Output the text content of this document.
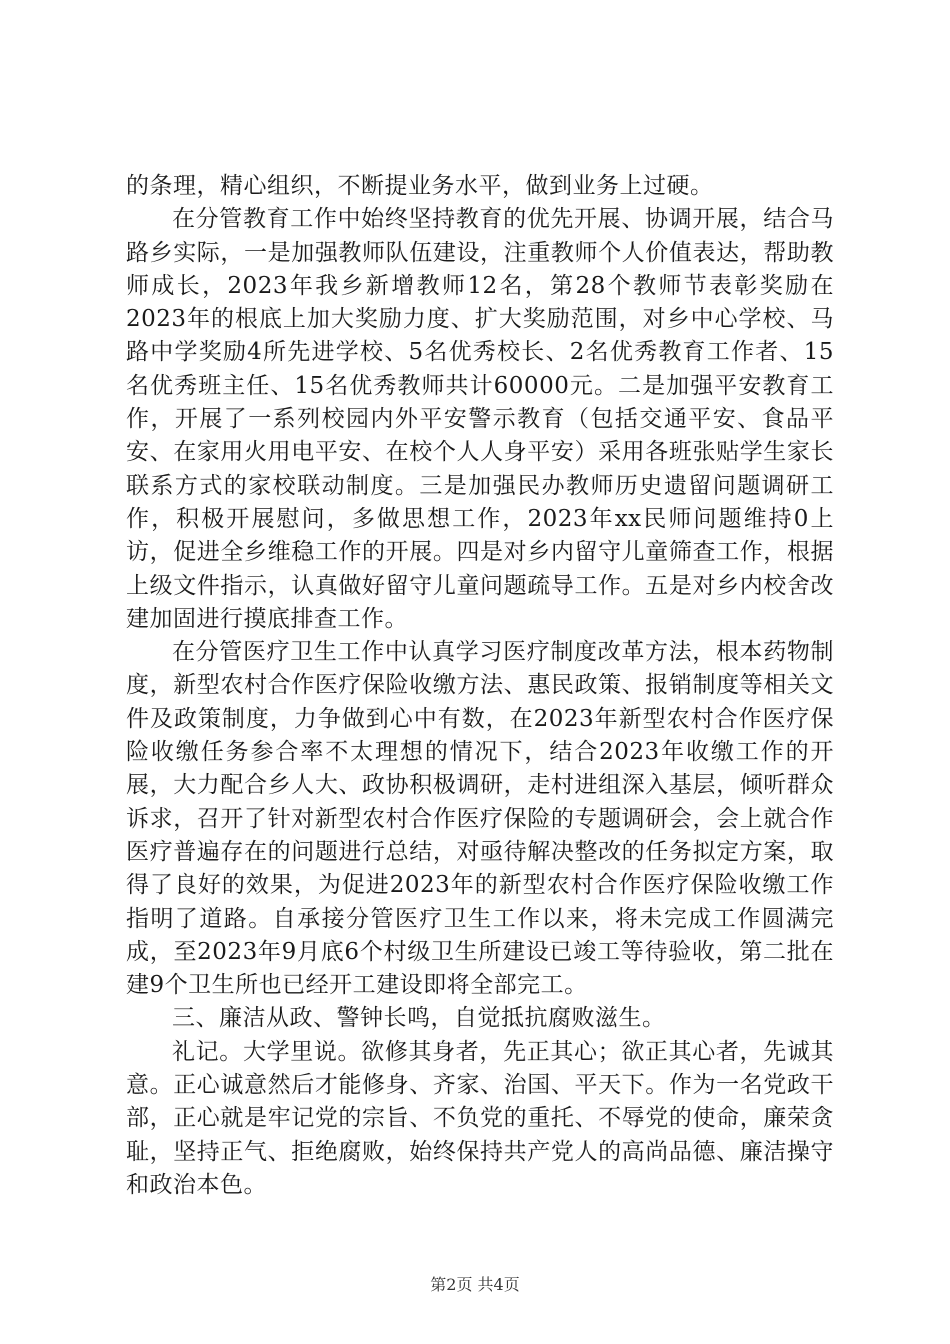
的条理，精心组织，不断提业务水平，做到业务上过硬。

在分管教育工作中始终坚持教育的优先开展、协调开展，结合马路乡实际，一是加强教师队伍建设，注重教师个人价值表达，帮助教师成长，2023年我乡新增教师12名，第28个教师节表彰奖励在2023年的根底上加大奖励力度、扩大奖励范围，对乡中心学校、马路中学奖励4所先进学校、5名优秀校长、2名优秀教育工作者、15名优秀班主任、15名优秀教师共计60000元。二是加强平安教育工作，开展了一系列校园内外平安警示教育（包括交通平安、食品平安、在家用火用电平安、在校个人人身平安）采用各班张贴学生家长联系方式的家校联动制度。三是加强民办教师历史遗留问题调研工作，积极开展慰问，多做思想工作，2023年xx民师问题维持0上访，促进全乡维稳工作的开展。四是对乡内留守儿童筛查工作，根据上级文件指示，认真做好留守儿童问题疏导工作。五是对乡内校舍改建加固进行摸底排查工作。

在分管医疗卫生工作中认真学习医疗制度改革方法，根本药物制度，新型农村合作医疗保险收缴方法、惠民政策、报销制度等相关文件及政策制度，力争做到心中有数，在2023年新型农村合作医疗保险收缴任务参合率不太理想的情况下，结合2023年收缴工作的开展，大力配合乡人大、政协积极调研，走村进组深入基层，倾听群众诉求，召开了针对新型农村合作医疗保险的专题调研会，会上就合作医疗普遍存在的问题进行总结，对亟待解决整改的任务拟定方案，取得了良好的效果，为促进2023年的新型农村合作医疗保险收缴工作指明了道路。自承接分管医疗卫生工作以来，将未完成工作圆满完成，至2023年9月底6个村级卫生所建设已竣工等待验收，第二批在建9个卫生所也已经开工建设即将全部完工。

三、廉洁从政、警钟长鸣，自觉抵抗腐败滋生。

礼记。大学里说。欲修其身者，先正其心；欲正其心者，先诚其意。正心诚意然后才能修身、齐家、治国、平天下。作为一名党政干部，正心就是牢记党的宗旨、不负党的重托、不辱党的使命，廉荣贪耻，坚持正气、拒绝腐败，始终保持共产党人的高尚品德、廉洁操守和政治本色。

第2页 共4页
